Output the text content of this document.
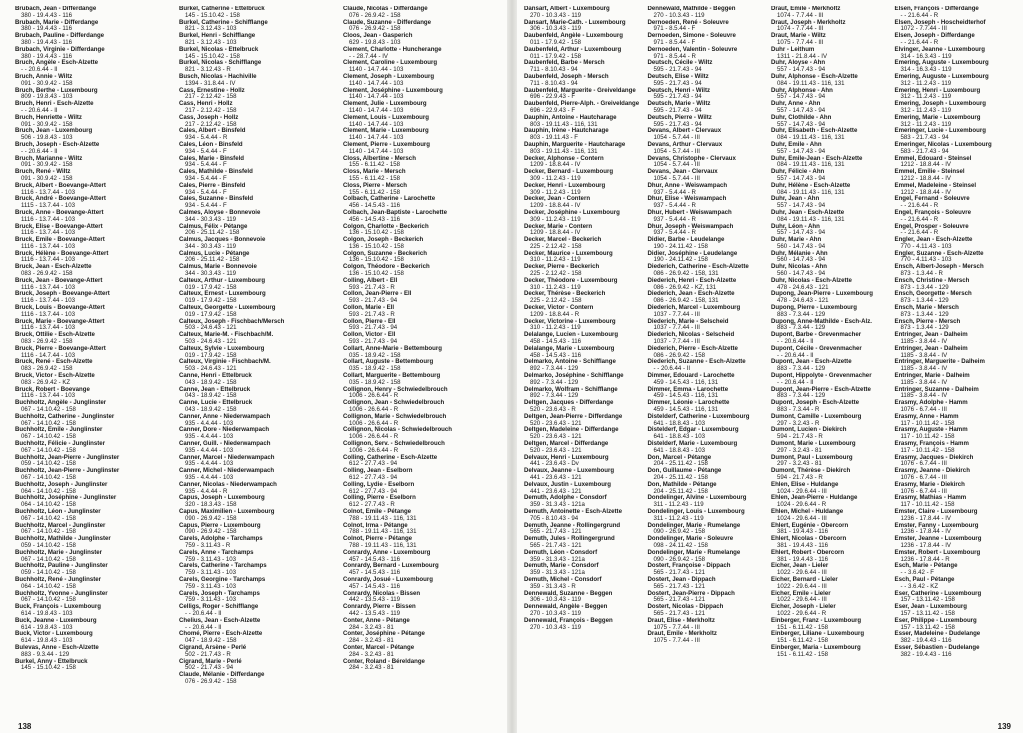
Brubach, Jean - Differdange
380 - 19.4.43 - 116
Brubach, Marie - Differdange
380 - 19.4.43 - 116
Brubach, Pauline - Differdange
380 - 19.4.43 - 116
Brubach, Virginie - Differdange
380 - 19.4.43 - 116
Bruch, Angèle - Esch-Alzette
- - 20.6.44 - II
Bruch, Annie - Wiltz
091 - 30.9.42 - 158
Bruch, Berthe - Luxembourg
809 - 19.8.43 - 103
Bruch, Henri - Esch-Alzette
- - 20.6.44 - II
Bruch, Henriette - Wiltz
091 - 30.9.42 - 158
Bruch, Jean - Luxembourg
506 - 19.8.43 - 103
Bruch, Joseph - Esch-Alzette
- - 20.6.44 - II
Bruch, Marianne - Wiltz
091 - 30.9.42 - 158
Bruch, René - Wiltz
091 - 30.9.42 - 158
Bruck, Albert - Boevange-Attert
1116 - 13.7.44 - 103
Bruck, André - Boevange-Attert
1115 - 13.7.44 - 103
Bruck, Anne - Boevange-Attert
1116 - 13.7.44 - 103
Bruck, Elise - Boevange-Attert
1116 - 13.7.44 - 103
Bruck, Emile - Boevange-Attert
1116 - 13.7.44 - 103
Bruck, Hélène - Boevange-Attert
1116 - 13.7.44 - 103
Bruck, Jean - Esch-Alzette
083 - 26.9.42 - 158
Bruck, Jean - Boevange-Attert
1116 - 13.7.44 - 103
Bruck, Joseph - Boevange-Attert
1116 - 13.7.44 - 103
Bruck, Louis - Boevange-Attert
1116 - 13.7.44 - 103
Bruck, Marie - Boevange-Attert
1116 - 13.7.44 - 103
Bruck, Ottilie - Esch-Alzette
083 - 26.9.42 - 158
Bruck, Pierre - Boevange-Attert
1116 - 14.7.44 - 103
Bruck, René - Esch-Alzette
083 - 26.9.42 - 158
Bruck, Victor - Esch-Alzette
083 - 26.9.42 - KZ
Bruck, Robert - Boevange
1116 - 13.7.44 - 103
Buchholtz, Angèle - Junglinster
067 - 14.10.42 - 158
Buchholtz, Catherine - Junglinster
067 - 14.10.42 - 158
Buchholtz, Emile - Junglinster
067 - 14.10.42 - 158
Buchholtz, Félicie - Junglinster
067 - 14.10.42 - 158
Buchholtz, Jean-Pierre - Junglinster
059 - 14.10.42 - 158
Buchholtz, Jean-Pierre - Junglinster
067 - 14.10.42 - 158
Buchholtz, Joseph - Junglinster
064 - 14.10.42 - 158
Buchholtz, Joséphine - Junglinster
064 - 14.10.42 - 158
Buchholtz, Léon - Junglinster
067 - 14.10.42 - 158
Buchholtz, Marcel - Junglinster
067 - 14.10.42 - 158
Buchholtz, Mathilde - Junglinster
059 - 14.10.42 - 158
Buchholtz, Marie - Junglinster
067 - 14.10.42 - 158
Buchholtz, Pauline - Junglinster
059 - 14.10.42 - 158
Buchholtz, René - Junglinster
064 - 14.10.42 - 158
Buchholtz, Yvonne - Junglinster
067 - 14.10.42 - 158
Buck, François - Luxembourg
614 - 19.8.43 - 103
Buck, Jeanne - Luxembourg
614 - 19.8.43 - 103
Buck, Victor - Luxembourg
614 - 19.8.43 - 103
Bulevas, Anne - Esch-Alzette
883 - 9.3.44 - 129
Burkel, Anny - Ettelbruck
145 - 15.10.42 - 158
Burkel, Catherine - Ettelbruck
145 - 15.10.42 - 158
Burkel, Catherine - Schifflange
821 - 3.12.43 - 103
Burkel, Henri - Schifflange
821 - 3.12.43 - 103
Burkel, Nicolas - Ettelbruck
145 - 15.10.42 - 158
Burkel, Nicolas - Schifflange
821 - 3.12.43 - R
Busch, Nicolas - Hachiville
1394 - 31.8.44 - IV
Cass, Ernestine - Hollz
217 - 2.12.42 - 158
Cass, Henri - Hollz
217 - 2.12.42 - 158
Cass, Joseph - Hollz
217 - 2.12.42 - 158
Cales, Albert - Binsfeld
934 - 5.4.44 - R
Cales, Léon - Binsfeld
934 - 5.4.44 - F
Cales, Marie - Binsfeld
934 - 5.4.44 - F
Cales, Mathilde - Binsfeld
934 - 5.4.44 - F
Cales, Pierre - Binsfeld
934 - 5.4.44 - F
Cales, Suzanne - Binsfeld
934 - 5.4.44 - F
Calmes, Aloyse - Bonnevoie
344 - 30.3.43 - 119
Calmus, Félix - Pétange
206 - 25.11.42 - 158
Calmus, Jacques - Bonnevoie
344 - 30.3.43 - 119
Calmus, Lucie - Pétange
206 - 25.11.42 - 158
Calmus, Marie - Bonnevoie
344 - 30.3.43 - 119
Calteux, Arthur - Luxembourg
019 - 17.9.42 - 158
Calteux, Ernest - Luxembourg
019 - 17.9.42 - 158
Calteux, Georgette - Luxembourg
019 - 17.9.42 - 158
Calteux, Joseph - Fischbach/Mersch
503 - 24.6.43 - 121
Calteux, Marie-M. - Fischbach/M.
503 - 24.6.43 - 121
Calteux, Sylvie - Luxembourg
019 - 17.9.42 - 158
Calteux, Virginie - Fischbach/M.
503 - 24.6.43 - 121
Canne, Henri - Ettelbruck
043 - 18.9.42 - 158
Canne, Jean - Ettelbruck
043 - 18.9.42 - 158
Canne, Lucie - Ettelbruck
043 - 18.9.42 - 158
Canner, Anne - Niederwampach
935 - 4.4.44 - 103
Canner, Dore - Niederwampach
935 - 4.4.44 - 103
Canner, Guill. - Niederwampach
935 - 4.4.44 - 103
Canner, Marcel - Niederwampach
935 - 4.4.44 - 103
Canner, Michel - Niederwampach
935 - 4.4.44 - 103
Canner, Nicolas - Niederwampach
935 - 4.4.44 - R
Capus, Joseph - Luxembourg
320 - 18.3.43 - 158
Capus, Maximilien - Luxembourg
090 - 26.9.42 - 158
Capus, Pierre - Luxembourg
090 - 26.9.42 - 158
Carels, Adolphe - Tarchamps
759 - 3.11.43 - R
Carels, Anne - Tarchamps
759 - 3.11.43 - 103
Carels, Catherine - Tarchamps
759 - 3.11.43 - 103
Carels, Georgine - Tarchamps
759 - 3.11.43 - 103
Carels, Joseph - Tarchamps
759 - 3.11.43 - 103
Celligs, Roger - Schifflange
- - 20.6.44 - II
Chelius, Jean - Esch-Alzette
- - 20.6.44 - II
Chomé, Pierre - Esch-Alzette
047 - 18.9.42 - 158
Cigrand, Arsène - Perlé
502 - 21.7.43 - R
Cigrand, Marie - Perlé
502 - 21.7.43 - 94
Claude, Mélanie - Differdange
076 - 26.9.42 - 158
Claude, Nicolas - Differdange
076 - 26.9.42 - 158
Claude, Suzanne - Differdange
076 - 26.9.42 - 158
Cloos, Jean - Gasperich
629 - 19.8.43 - 103
Clement, Charlotte - Huncherange
- - 28.7.44 - IV
Clement, Caroline - Luxembourg
1140 - 14.7.44 - 103
Clement, Joseph - Luxembourg
1140 - 14.7.44 - 103
Clement, Joséphine - Luxembourg
1140 - 14.7.44 - 103
Clement, Julie - Luxembourg
1140 - 14.7.44 - 103
Clement, Louis - Luxembourg
1140 - 14.7.44 - 103
Clement, Marie - Luxembourg
1140 - 14.7.44 - 103
Clement, Pierre - Luxembourg
1140 - 14.7.44 - 103
Closs, Albertine - Mersch
155 - 6.11.42 - 158
Closs, Marie - Mersch
155 - 6.11.42 - 158
Closs, Pierre - Mersch
155 - 6.11.42 - 158
Colbach, Catherine - Larochette
456 - 14.5.43 - 116
Colbach, Jean-Baptiste - Larochette
456 - 14.5.43 - 116
Colgon, Charlotte - Beckerich
136 - 15.10.42 - 158
Colgon, Joseph - Beckerich
136 - 15.10.42 - 158
Colgon, Suzanne - Beckerich
136 - 15.10.42 - 158
Colgon, Théodore - Beckerich
136 - 15.10.42 - 158
Colling, Albert - Ell
593 - 21.7.43 - R
Collon, Jean-Pierre - Ell
593 - 21.7.43 - 94
Collon, Marie - Ell
593 - 21.7.43 - R
Collon, Pierre - Ell
593 - 21.7.43 - 94
Collon, Victor - Ell
593 - 21.7.43 - 94
Collart, Anne-Marie - Bettembourg
035 - 18.9.42 - 158
Collart, Auguste - Bettembourg
035 - 18.9.42 - 158
Collart, Marguerite - Bettembourg
035 - 18.9.42 - 158
Collignon, Henry - Schwiedelbrouch
1006 - 26.6.44 - R
Collignon, Jean - Schwiedelbrouch
1006 - 26.6.44 - R
Collignon, Marie - Schwiedelbrouch
1006 - 26.6.44 - R
Collignon, Nicolas - Schwiedelbrouch
1006 - 26.6.44 - R
Collignon, Serv. - Schwiedelbrouch
1006 - 26.6.44 - R
Colling, Catherine - Esch-Alzette
612 - 27.7.43 - 94
Colling, Jean - Eselborn
612 - 27.7.43 - 94
Colling, Lydie - Eselborn
612 - 27.7.43 - 94
Colling, Pierre - Eselborn
612 - 27.7.43 - R
Colnot, Emile - Pétange
788 - 19.11.43 - 116, 131
Colnot, Irma - Pétange
788 - 19.11.43 - 116, 131
Colnot, Pierre - Pétange
788 - 19.11.43 - 116, 131
Conrardy, Anne - Luxembourg
457 - 14.5.43 - 116
Conrardy, Bernard - Luxembourg
457 - 14.5.43 - 116
Conrardy, Josué - Luxembourg
457 - 14.5.43 - 116
Conrardy, Nicolas - Bissen
442 - 13.5.43 - 119
Conrardy, Pierre - Bissen
442 - 13.5.43 - 119
Conter, Anne - Pétange
284 - 3.2.43 - 81
Conter, Joséphine - Pétange
284 - 3.2.43 - 81
Conter, Marcel - Pétange
284 - 3.2.43 - 81
Conter, Roland - Béreldange
284 - 3.2.43 - 81
138
Dansart, Albert - Luxembourg
270 - 10.3.43 - 119
Dansart, Marie-Cath. - Luxembourg
306 - 10.3.43 - 119
Daubenfeld, Angèle - Luxembourg
011 - 17.9.42 - 158
Daubenfeld, Arthur - Luxembourg
011 - 17.9.42 - 158
Daubenfeld, Barbe - Mersch
711 - 8.10.43 - 94
Daubenfeld, Joseph - Mersch
711 - 8.10.43 - 94
Daubenfeld, Marguerite - Greiveldange
696 - 22.9.43 - F
Daubenfeld, Pierre-Alph. - Greiveldange
696 - 22.9.43 - F
Dauphin, Antoine - Hautcharage
803 - 19.11.43 - 116, 131
Dauphin, Irène - Hautcharage
803 - 19.11.43 - F
Dauphin, Marguerite - Hautcharage
803 - 19.11.43 - 116, 131
Decker, Alphonse - Contern
1209 - 18.8.44 - IV
Decker, Bernard - Luxembourg
309 - 11.2.43 - 119
Decker, Henri - Luxembourg
309 - 11.2.43 - 119
Decker, Jean - Contern
1209 - 18.8.44 - IV
Decker, Joséphine - Luxembourg
309 - 11.2.43 - 119
Decker, Marie - Contern
1209 - 18.8.44 - IV
Decker, Marcel - Beckerich
225 - 2.12.42 - 158
Decker, Maurice - Luxembourg
310 - 11.2.43 - 119
Decker, Pierre - Beckerich
225 - 2.12.42 - 158
Decker, Théodore - Luxembourg
310 - 11.2.43 - 119
Decker, Thérèse - Beckerich
225 - 2.12.42 - 158
Decker, Victor - Contern
1209 - 18.8.44 - R
Decker, Victorine - Luxembourg
310 - 11.2.43 - 119
Delalange, Lucien - Luxembourg
458 - 14.5.43 - 116
Delalange, Marie - Luxembourg
458 - 14.5.43 - 116
Delmarko, Antoine - Schifflange
892 - 7.3.44 - 129
Delmarko, Joséphine - Schifflange
892 - 7.3.44 - 129
Delmarko, Wolfram - Schifflange
892 - 7.3.44 - 129
Deltgen, Jacques - Differdange
520 - 23.6.43 - R
Deltgen, Jean-Pierre - Differdange
520 - 23.6.43 - 121
Deltgen, Madeleine - Differdange
520 - 23.6.43 - 121
Deltgen, Marcel - Differdange
520 - 23.6.43 - 121
Delvaux, Henri - Luxembourg
441 - 23.6.43 - Dv
Delvaux, Jeanne - Luxembourg
441 - 23.6.43 - 121
Delvaux, Justin - Luxembourg
441 - 23.6.43 - 121
Demuth, Adolphe - Consdorf
359 - 31.3.43 - 121a
Demuth, Antoinette - Esch-Alzette
705 - 8.10.43 - 94
Demuth, Jeanne - Rollingergrund
565 - 21.7.43 - 121
Demuth, Jules - Rollingergrund
565 - 21.7.43 - 121
Demuth, Léon - Consdorf
359 - 31.3.43 - 121a
Demuth, Marie - Consdorf
359 - 31.3.43 - 121a
Demuth, Michel - Consdorf
359 - 31.3.43 - R
Dennewald, Suzanne - Beggen
306 - 10.3.43 - 119
Dennewald, Angèle - Beggen
270 - 10.3.43 - 119
Dennewald, François - Beggen
270 - 10.3.43 - 119
Dennewald, Mathilde - Beggen
270 - 10.3.43 - 119
Dernoeden, René - Soleuvre
971 - 8.5.44 - F
Dernoeden, Simone - Soleuvre
971 - 8.5.44 - F
Dernoeden, Valentin - Soleuvre
971 - 8.5.44 - R
Deutsch, Cécile - Wiltz
595 - 21.7.43 - 94
Deutsch, Elise - Wiltz
595 - 21.7.43 - 94
Deutsch, Henri - Wiltz
595 - 21.7.43 - 94
Deutsch, Marie - Wiltz
595 - 21.7.43 - 94
Deutsch, Pierre - Wiltz
595 - 21.7.43 - 94
Devans, Albert - Clervaux
1054 - 5.7.44 - III
Devans, Arthur - Clervaux
1054 - 5.7.44 - III
Devans, Christophe - Clervaux
1054 - 5.7.44 - III
Devans, Jean - Clervaux
1054 - 5.7.44 - III
Dhur, Anne - Weiswampach
937 - 5.4.44 - R
Dhur, Elise - Weiswampach
937 - 5.4.44 - R
Dhur, Hubert - Weiswampach
937 - 5.4.44 - R
Dhur, Joseph - Weiswampach
937 - 5.4.44 - R
Didier, Barbe - Leudelange
190 - 24.11.42 - 158
Didier, Joséphine - Leudelange
190 - 24.11.42 - 158
Diederich, Catherine - Esch-Alzette
086 - 26.9.42 - 158, 131
Diederich, Henri - Esch-Alzette
086 - 26.9.42 - KZ, 131
Diederich, Jean - Esch-Alzette
086 - 26.9.42 - 158, 131
Diederich, Marcel - Luxembourg
1037 - 7.7.44 - III
Diederich, Marie - Selscheid
1037 - 7.7.44 - III
Diederich, Nicolas - Selscheid
1037 - 7.7.44 - III
Diederich, Pierre - Esch-Alzette
086 - 26.9.42 - 158
Diederich, Suzanne - Esch-Alzette
- - 20.6.44 - II
Dimmer, Edouard - Larochette
459 - 14.5.43 - 116, 131
Dimmer, Emma - Larochette
459 - 14.5.43 - 116, 131
Dimmer, Léonie - Larochette
459 - 14.5.43 - 116, 131
Distelderf, Catherine - Luxembourg
641 - 18.8.43 - 103
Distelderf, Edgar - Luxembourg
641 - 18.8.43 - 103
Distelderf, Marie - Luxembourg
641 - 18.8.43 - 103
Don, Marcel - Pétange
204 - 25.11.42 - 158
Don, Guillaume - Pétange
204 - 25.11.42 - 158
Don, Mathilde - Pétange
204 - 25.11.42 - 158
Dondelinger, Alvine - Luxembourg
311 - 11.2.43 - 119
Dondelinger, Louis - Luxembourg
311 - 11.2.43 - 119
Dondelinger, Marie - Rumelange
090 - 26.9.42 - 158
Dondelinger, Marie - Soleuvre
098 - 24.11.42 - 158
Dondelinger, Marie - Rumelange
090 - 26.9.42 - 158
Dostert, Françoise - Dippach
565 - 21.7.43 - 121
Dostert, Jean - Dippach
565 - 21.7.43 - 121
Dostert, Jean-Pierre - Dippach
565 - 21.7.43 - 121
Dostert, Nicolas - Dippach
565 - 21.7.43 - 121
Draut, Elise - Merkholtz
1075 - 7.7.44 - III
Draut, Emile - Merkholtz
1075 - 7.7.44 - III
Draut, Emile - Merkholtz
1074 - 7.7.44 - III
Draut, Joseph - Merkholtz
1074 - 7.7.44 - III
Draut, Marie - Wiltz
1075 - 7.7.44 - III
Duhr - Leithum
1311 - 21.8.44 - IV
Duhr, Aloyse - Ahn
557 - 14.7.43 - 94
Duhr, Alphonse - Esch-Alzette
084 - 19.11.43 - 116, 131
Duhr, Alphonse - Ahn
557 - 14.7.43 - 94
Duhr, Anne - Ahn
557 - 14.7.43 - 94
Duhr, Clothilde - Ahn
557 - 14.7.43 - 94
Duhr, Elisabeth - Esch-Alzette
084 - 19.11.43 - 116, 131
Duhr, Emile - Ahn
557 - 14.7.43 - 94
Duhr, Emile-Jean - Esch-Alzette
084 - 19.11.43 - 116, 131
Duhr, Félicie - Ahn
557 - 14.7.43 - 94
Duhr, Hélène - Esch-Alzette
084 - 19.11.43 - 116, 131
Duhr, Jean - Ahn
557 - 14.7.43 - 94
Duhr, Jean - Esch-Alzette
084 - 19.11.43 - 116, 131
Duhr, Léon - Ahn
557 - 14.7.43 - 94
Duhr, Marie - Ahn
560 - 14.7.43 - 94
Duhr, Mélanie - Ahn
560 - 14.7.43 - 94
Duhr, Nicolas - Ahn
560 - 14.7.43 - 94
Duhr, Nicolas - Esch-Alzette
478 - 24.6.43 - 121
Dupong, Jean-Pierre - Luxembourg
478 - 24.6.43 - 121
Dupong, Pierre - Luxembourg
883 - 7.3.44 - 129
Dupong, Anne-Mathilde - Esch-Alz.
883 - 7.3.44 - 129
Dupont, Barbe - Grevenmacher
- - 20.6.44 - II
Dupont, Cécile - Grevenmacher
- - 20.6.44 - II
Dupont, Jean - Esch-Alzette
883 - 7.3.44 - 129
Dupont, Hippolyte - Grevenmacher
- - 20.6.44 - II
Dupont, Jean-Pierre - Esch-Alzette
883 - 7.3.44 - 129
Dupont, Joseph - Esch-Alzette
883 - 7.3.44 - R
Dumont, Camille - Luxembourg
297 - 3.2.43 - R
Dumont, Lucien - Diekirch
594 - 21.7.43 - R
Dumont, Marie - Luxembourg
297 - 3.2.43 - 81
Dumont, Paul - Luxembourg
297 - 3.2.43 - 81
Dumont, Thérèse - Diekirch
594 - 21.7.43 - R
Ehlen, Elise - Huldange
1024 - 29.6.44 - III
Ehlen, Jean-Pierre - Huldange
1024 - 29.6.44 - R
Ehlen, Michel - Huldange
1024 - 29.6.44 - III
Ehlert, Eugénie - Obercorn
381 - 19.4.43 - 116
Ehlert, Nicolas - Obercorn
381 - 19.4.43 - 116
Ehlert, Robert - Obercorn
381 - 19.4.43 - 116
Eicher, Jean - Lieler
1022 - 29.6.44 - III
Eicher, Bernard - Lieler
1022 - 29.6.44 - III
Eicher, Emile - Lieler
1022 - 29.6.44 - III
Eicher, Joseph - Lieler
1022 - 29.6.44 - R
Einberger, Franz - Luxembourg
151 - 6.11.42 - 158
Einberger, Liliane - Luxembourg
151 - 6.11.42 - 158
Einberger, Maria - Luxembourg
151 - 6.11.42 - 158
Elsen, François - Differdange
- - 21.6.44 - R
Elsen, Joseph - Hoscheidterhof
1072 - 7.7.44 - III
Elsen, Joseph - Differdange
- - 21.6.44 - R
Elvinger, Jeanne - Luxembourg
314 - 16.3.43 - 119
Emering, Auguste - Luxembourg
314 - 16.3.43 - 119
Emering, Auguste - Luxembourg
312 - 11.2.43 - 119
Emering, Henri - Luxembourg
312 - 11.2.43 - 119
Emering, Joseph - Luxembourg
312 - 11.2.43 - 119
Emering, Marie - Luxembourg
312 - 11.2.43 - 119
Emeringer, Lucie - Luxembourg
583 - 21.7.43 - 94
Emeringer, Nicolas - Luxembourg
583 - 21.7.43 - 94
Emmel, Edouard - Steinsel
1212 - 18.8.44 - IV
Emmel, Emilie - Steinsel
1212 - 18.8.44 - IV
Emmel, Madeleine - Steinsel
1212 - 18.8.44 - IV
Engel, Fernand - Soleuvre
- - 21.6.44 - R
Engel, François - Soleuvre
- - 21.6.44 - R
Engel, Prosper - Soleuvre
- - 21.6.44 - R
Engler, Jean - Esch-Alzette
770 - 4.11.43 - 103
Engler, Suzanne - Esch-Alzette
770 - 4.11.43 - 103
Ensch, Albert-Joseph - Mersch
873 - 1.3.44 - R
Ensch, Christine - Mersch
873 - 1.3.44 - 129
Ensch, Georgette - Mersch
873 - 1.3.44 - 129
Ensch, Marie - Mersch
873 - 1.3.44 - 129
Ensch, Pierre - Mersch
873 - 1.3.44 - 129
Entringer, Jean - Dalheim
1185 - 3.8.44 - IV
Entringer, Jean - Dalheim
1185 - 3.8.44 - IV
Entringer, Marguerite - Dalheim
1185 - 3.8.44 - IV
Entringer, Marie - Dalheim
1185 - 3.8.44 - IV
Entringer, Suzanne - Dalheim
1185 - 3.8.44 - IV
Erasmy, Adolphe - Hamm
1076 - 6.7.44 - III
Erasmy, Anne - Hamm
117 - 10.11.42 - 158
Erasmy, Auguste - Hamm
117 - 10.11.42 - 158
Erasmy, François - Hamm
117 - 10.11.42 - 158
Erasmy, Jacques - Diekirch
1076 - 6.7.44 - III
Erasmy, Jeanne - Diekirch
1076 - 6.7.44 - III
Erasmy, Marie - Diekirch
1076 - 6.7.44 - III
Erasmy, Mathias - Hamm
117 - 10.11.42 - 158
Emster, Claire - Luxembourg
1236 - 17.8.44 - IV
Emster, Fanny - Luxembourg
1236 - 17.8.44 - IV
Emster, Jeanne - Luxembourg
1236 - 17.8.44 - IV
Emster, Robert - Luxembourg
1236 - 17.8.44 - R
Esch, Marie - Pétange
- - 3.6.42 - F
Esch, Paul - Pétange
- - 3.6.42 - KZ
Eser, Catherine - Luxembourg
157 - 13.11.42 - 158
Eser, Jean - Luxembourg
157 - 13.11.42 - 158
Eser, Philippe - Luxembourg
157 - 13.11.42 - 158
Esser, Madeleine - Dudelange
382 - 19.4.43 - 116
Esser, Sébastien - Dudelange
382 - 19.4.43 - 116
139
